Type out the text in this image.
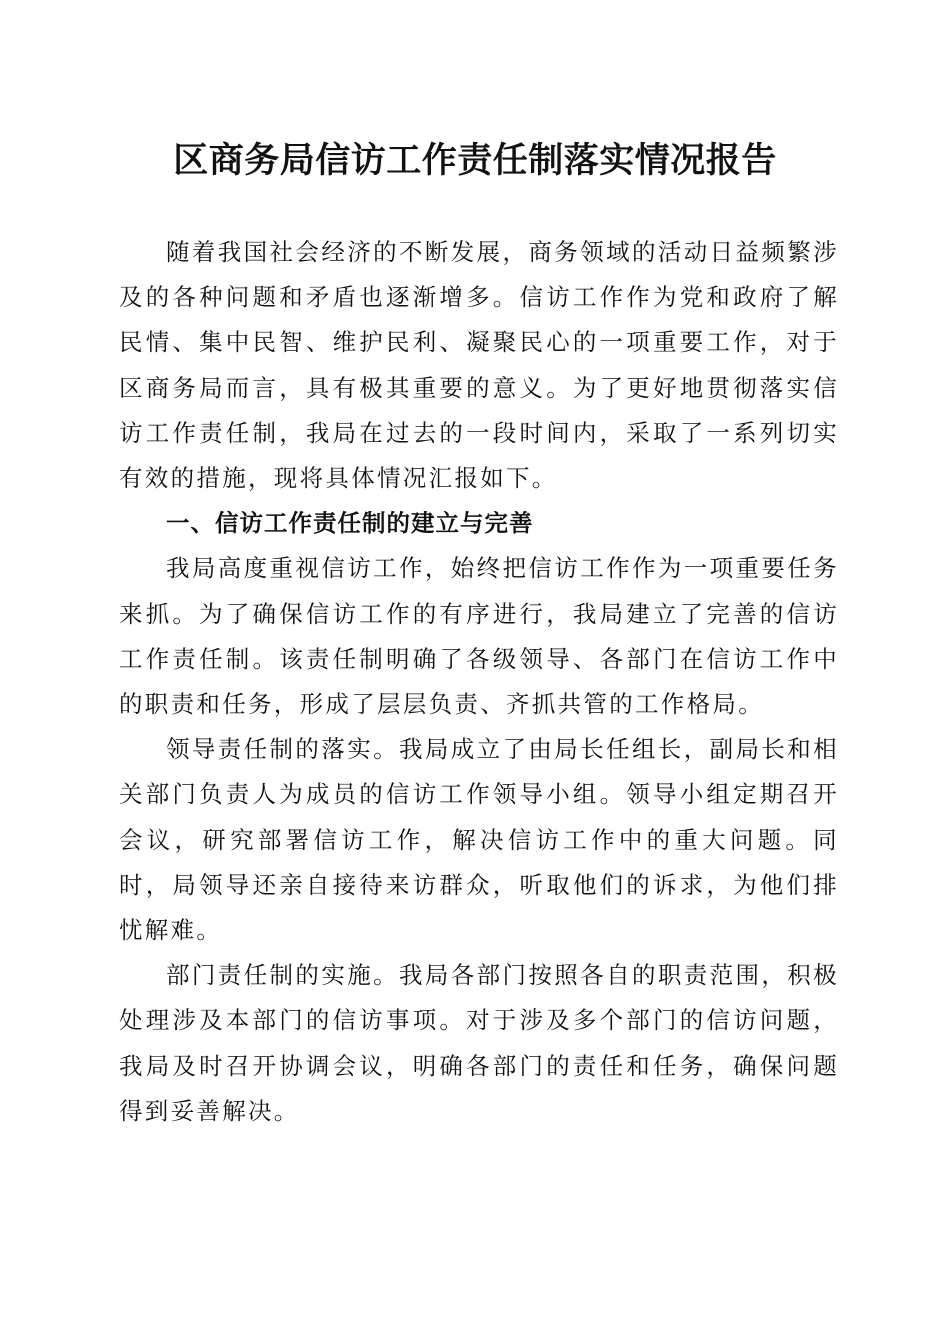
区商务局信访工作责任制落实情况报告

随着我国社会经济的不断发展，商务领域的活动日益频繁涉及的各种问题和矛盾也逐渐增多。信访工作作为党和政府了解民情、集中民智、维护民利、凝聚民心的一项重要工作，对于区商务局而言，具有极其重要的意义。为了更好地贯彻落实信访工作责任制，我局在过去的一段时间内，采取了一系列切实有效的措施，现将具体情况汇报如下。

一、信访工作责任制的建立与完善

我局高度重视信访工作，始终把信访工作作为一项重要任务来抓。为了确保信访工作的有序进行，我局建立了完善的信访工作责任制。该责任制明确了各级领导、各部门在信访工作中的职责和任务，形成了层层负责、齐抓共管的工作格局。

领导责任制的落实。我局成立了由局长任组长，副局长和相关部门负责人为成员的信访工作领导小组。领导小组定期召开会议，研究部署信访工作，解决信访工作中的重大问题。同时，局领导还亲自接待来访群众，听取他们的诉求，为他们排忧解难。

部门责任制的实施。我局各部门按照各自的职责范围，积极处理涉及本部门的信访事项。对于涉及多个部门的信访问题，我局及时召开协调会议，明确各部门的责任和任务，确保问题得到妥善解决。
